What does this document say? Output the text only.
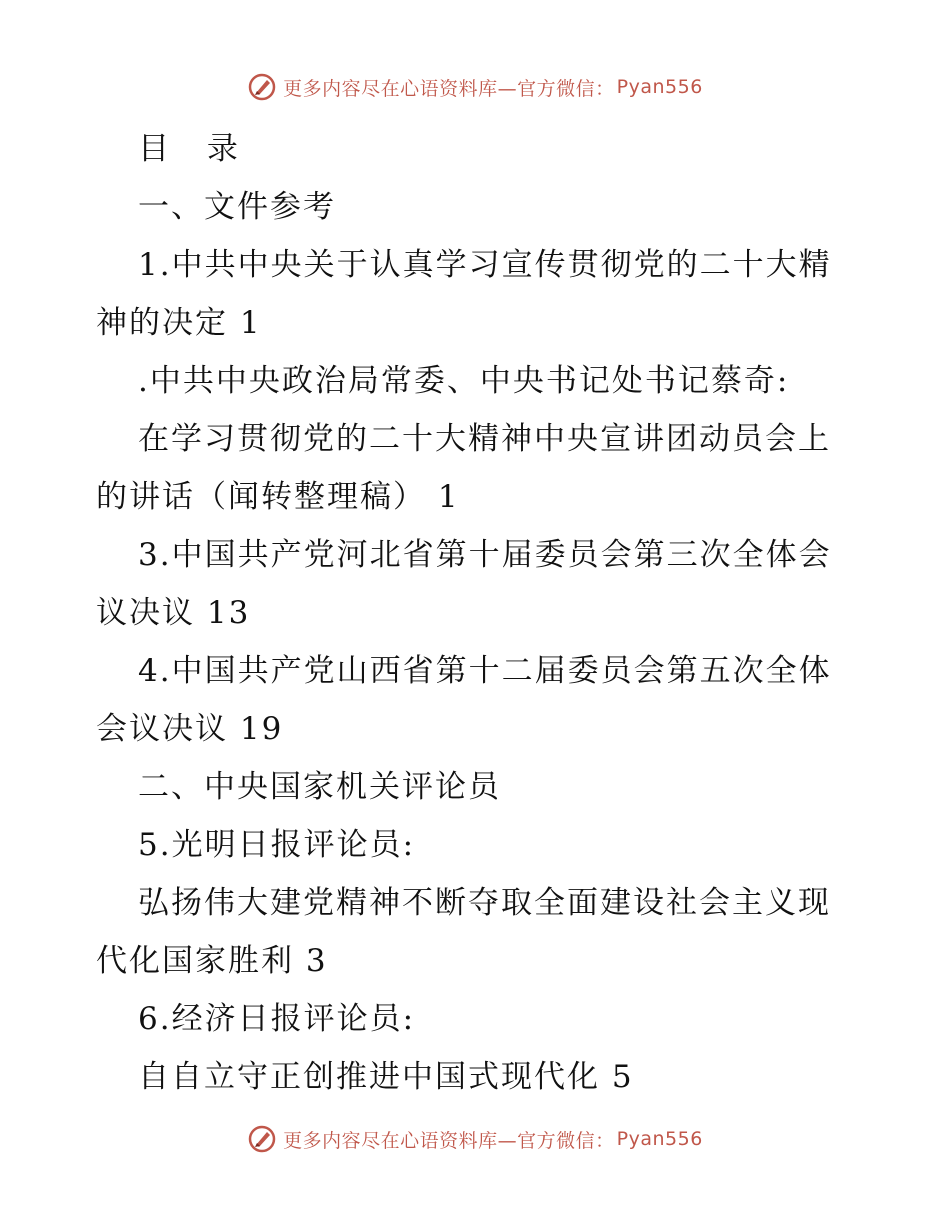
更多内容尽在心语资料库—官方微信： Pyan556
目 录
一、文件参考
1.中共中央关于认真学习宣传贯彻党的二十大精
神的决定 1
.中共中央政治局常委、中央书记处书记蔡奇:
在学习贯彻党的二十大精神中央宣讲团动员会上
的讲话（闻转整理稿） 1
3.中国共产党河北省第十届委员会第三次全体会
议决议 13
4.中国共产党山西省第十二届委员会第五次全体
会议决议 19
二、中央国家机关评论员
5.光明日报评论员:
弘扬伟大建党精神不断夺取全面建设社会主义现
代化国家胜利 3
6.经济日报评论员:
自自立守正创推进中国式现代化 5
更多内容尽在心语资料库—官方微信： Pyan556
